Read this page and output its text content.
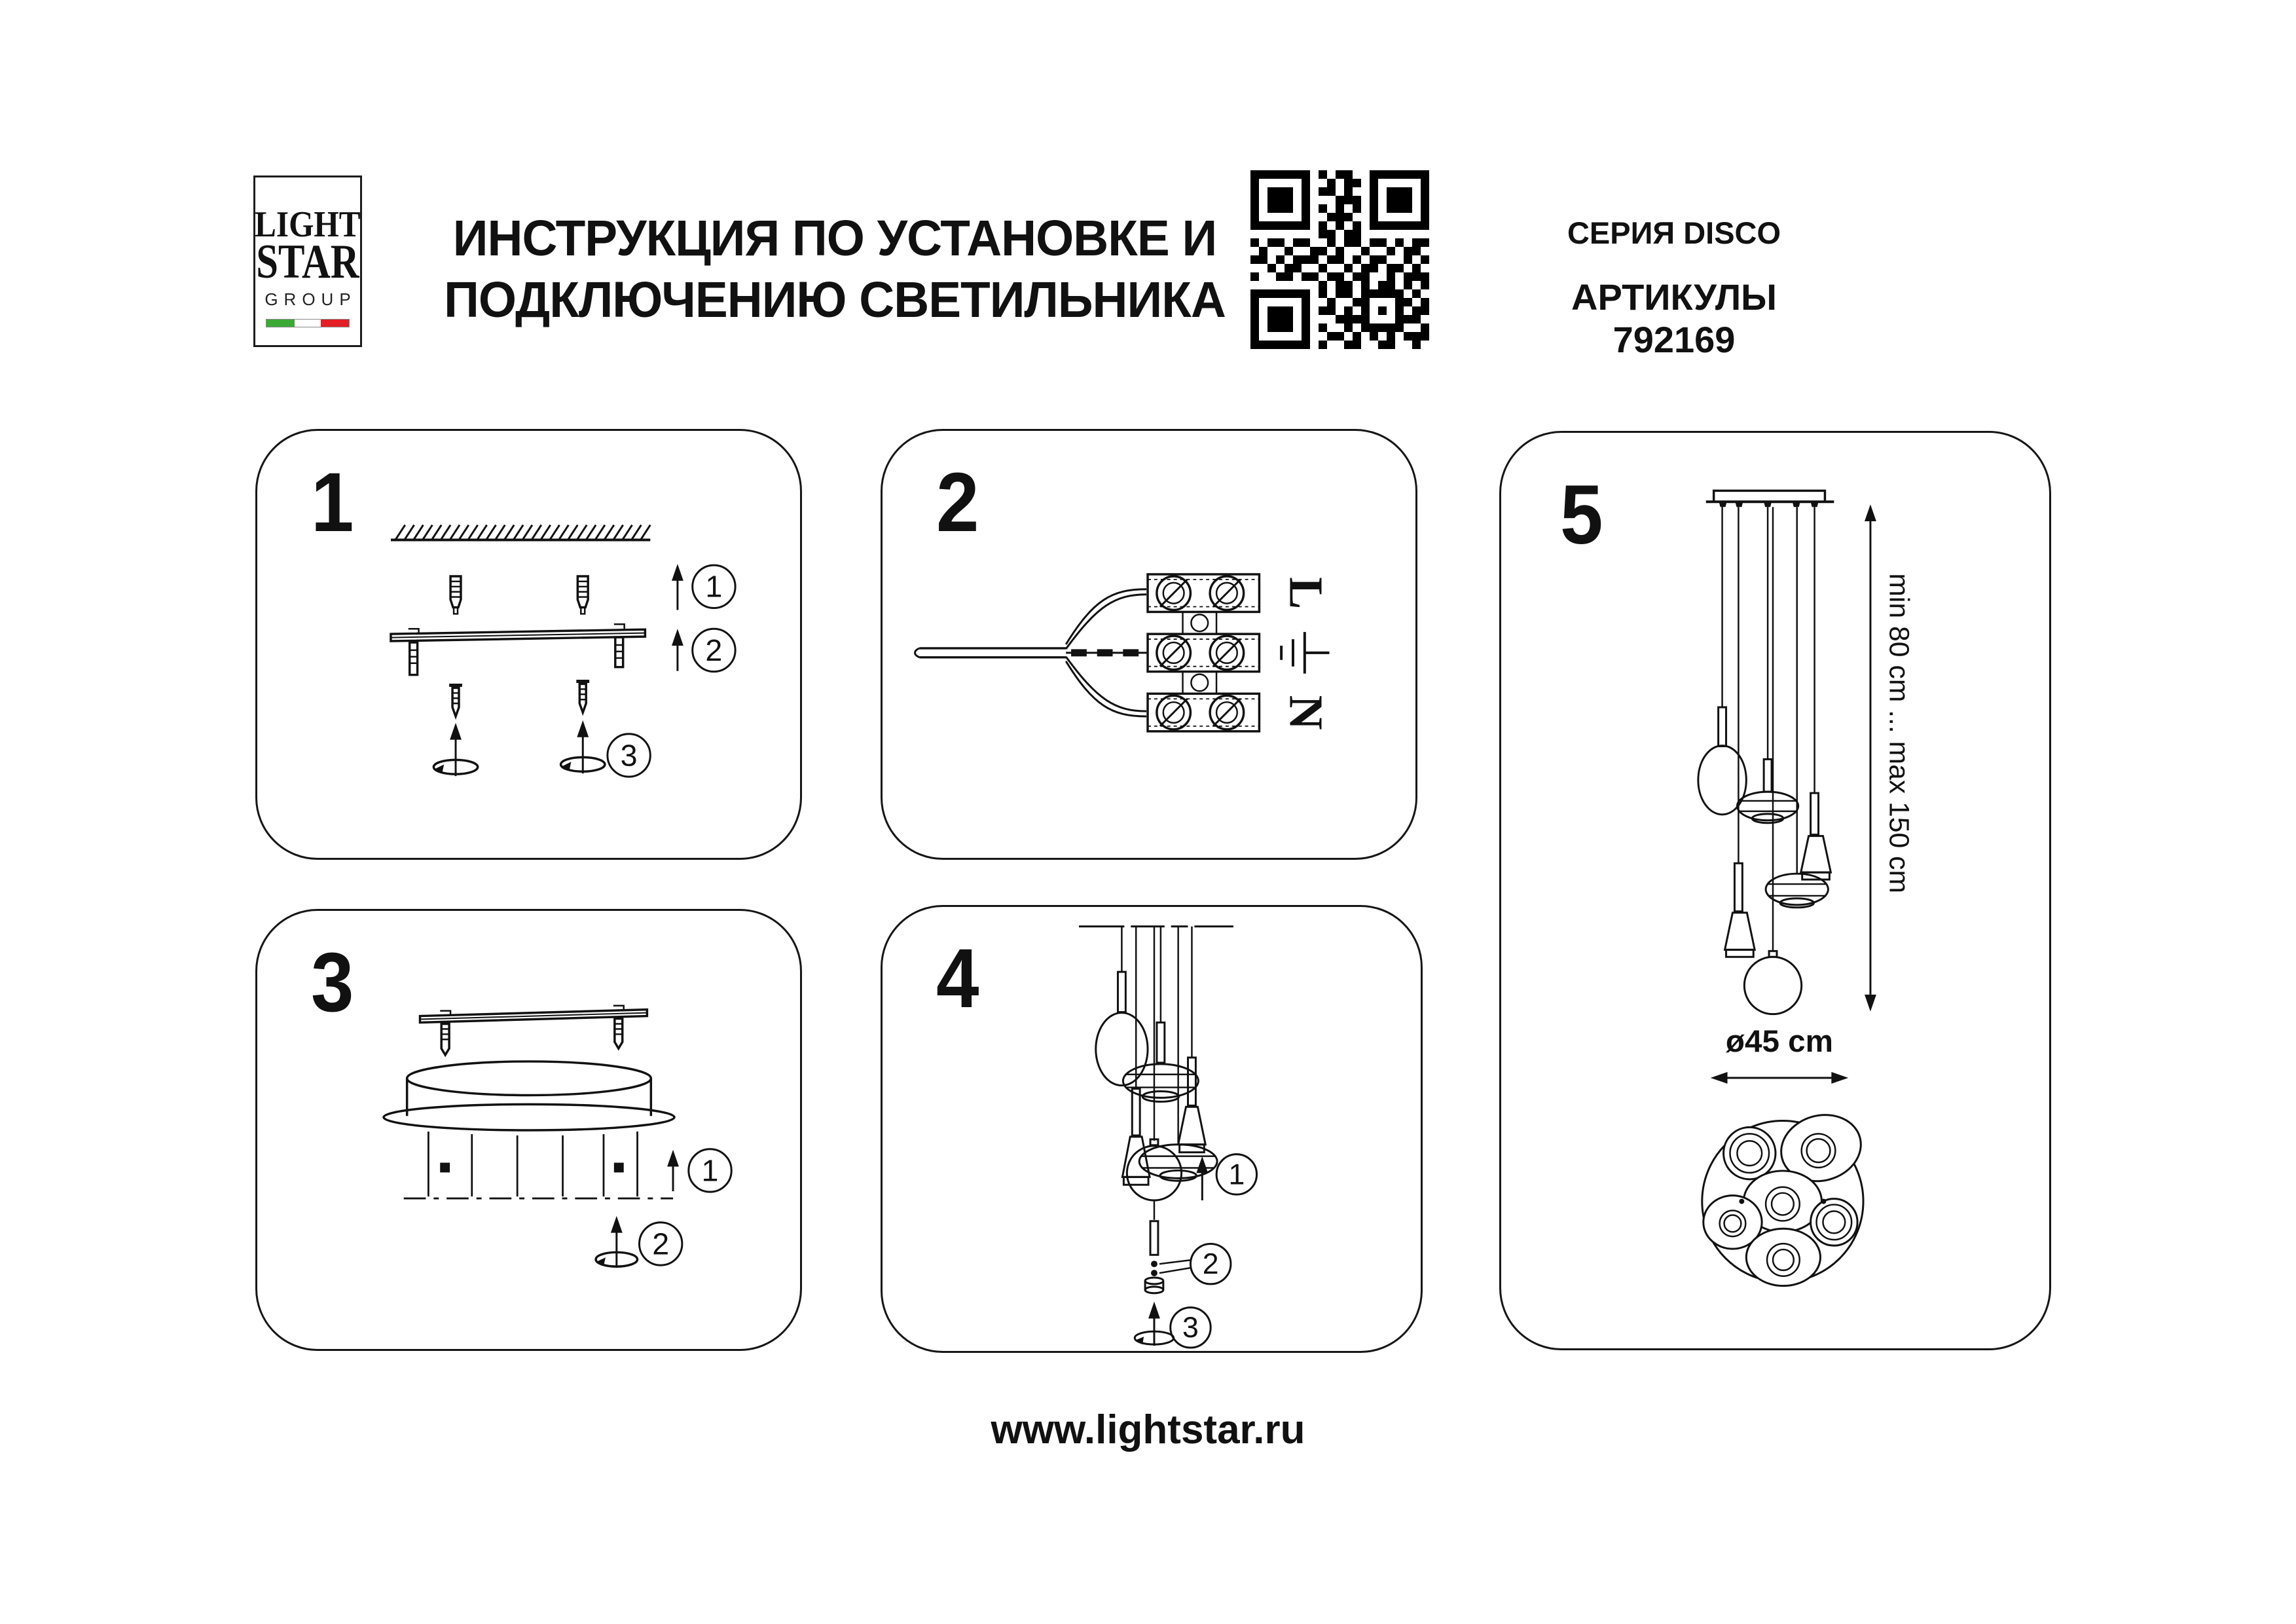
LIGHT
STAR
GROUP
ИНСТРУКЦИЯ ПО УСТАНОВКЕ И
ПОДКЛЮЧЕНИЮ СВЕТИЛЬНИКА
СЕРИЯ DISCO
АРТИКУЛЫ 792169
1
1
2
3
2
L
N
3
1
2
4
1
2
3
5
min 80 cm ... max 150 cm
ø45 cm
www.lightstar.ru
